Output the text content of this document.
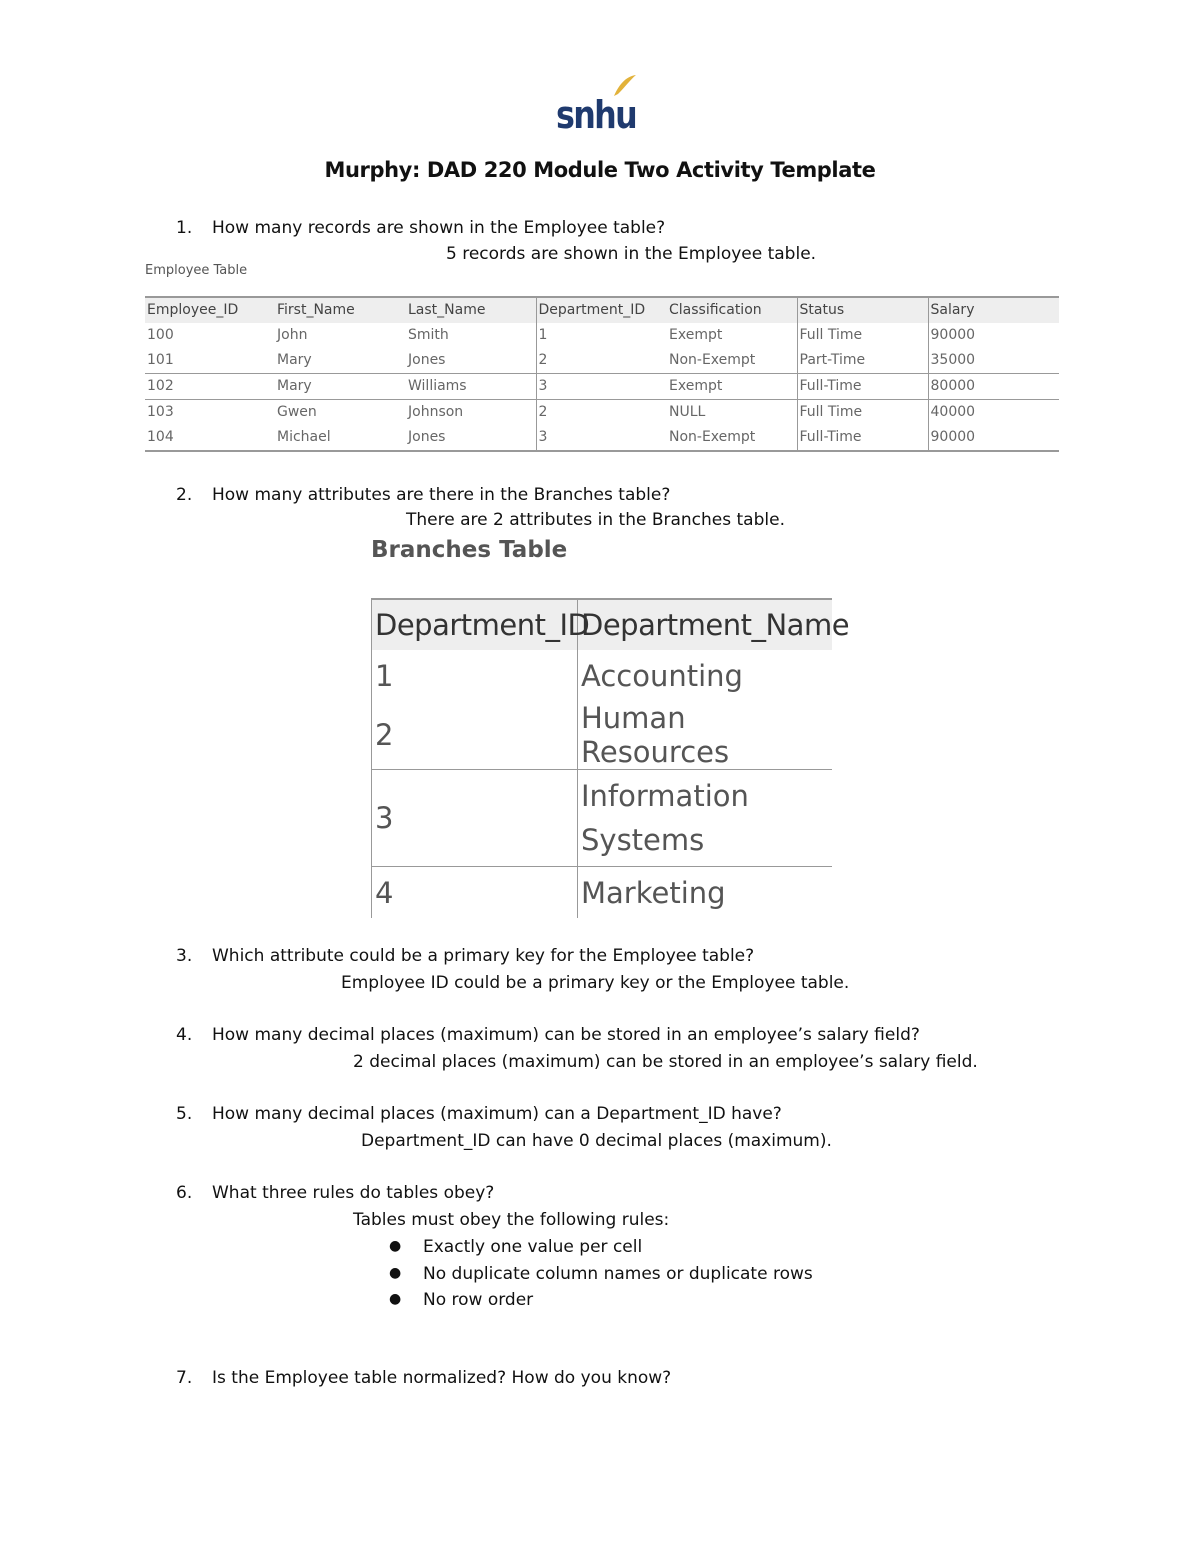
snhu
Murphy: DAD 220 Module Two Activity Template
1. How many records are shown in the Employee table?
5 records are shown in the Employee table.
Employee Table
Employee_ID	First_Name	Last_Name	Department_ID	Classification	Status	Salary
100	John	Smith	1	Exempt	Full Time	90000
101	Mary	Jones	2	Non-Exempt	Part-Time	35000
102	Mary	Williams	3	Exempt	Full-Time	80000
103	Gwen	Johnson	2	NULL	Full Time	40000
104	Michael	Jones	3	Non-Exempt	Full-Time	90000
2. How many attributes are there in the Branches table?
There are 2 attributes in the Branches table.
Branches Table
Department_ID	Department_Name
1	Accounting
2	Human Resources
3	Information Systems
4	Marketing
3. Which attribute could be a primary key for the Employee table?
Employee ID could be a primary key or the Employee table.
4. How many decimal places (maximum) can be stored in an employee’s salary field?
2 decimal places (maximum) can be stored in an employee’s salary field.
5. How many decimal places (maximum) can a Department_ID have?
Department_ID can have 0 decimal places (maximum).
6. What three rules do tables obey?
Tables must obey the following rules:
● Exactly one value per cell
● No duplicate column names or duplicate rows
● No row order
7. Is the Employee table normalized? How do you know?
